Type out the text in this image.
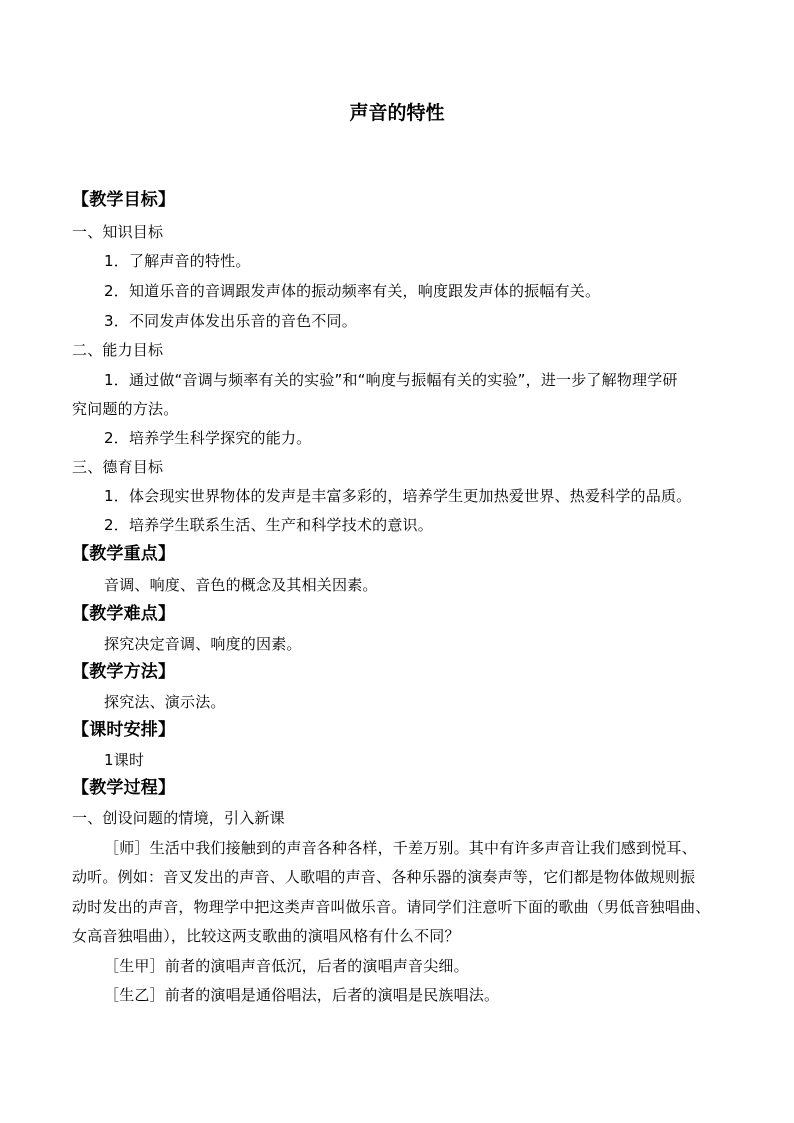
声音的特性
【教学目标】
一、知识目标
1．了解声音的特性。
2．知道乐音的音调跟发声体的振动频率有关，响度跟发声体的振幅有关。
3．不同发声体发出乐音的音色不同。
二、能力目标
1．通过做“音调与频率有关的实验”和“响度与振幅有关的实验”，进一步了解物理学研
究问题的方法。
2．培养学生科学探究的能力。
三、德育目标
1．体会现实世界物体的发声是丰富多彩的，培养学生更加热爱世界、热爱科学的品质。
2．培养学生联系生活、生产和科学技术的意识。
【教学重点】
音调、响度、音色的概念及其相关因素。
【教学难点】
探究决定音调、响度的因素。
【教学方法】
探究法、演示法。
【课时安排】
1课时
【教学过程】
一、创设问题的情境，引入新课
［师］生活中我们接触到的声音各种各样，千差万别。其中有许多声音让我们感到悦耳、
动听。例如：音叉发出的声音、人歌唱的声音、各种乐器的演奏声等，它们都是物体做规则振
动时发出的声音，物理学中把这类声音叫做乐音。请同学们注意听下面的歌曲（男低音独唱曲、
女高音独唱曲），比较这两支歌曲的演唱风格有什么不同？
［生甲］前者的演唱声音低沉，后者的演唱声音尖细。
［生乙］前者的演唱是通俗唱法，后者的演唱是民族唱法。
